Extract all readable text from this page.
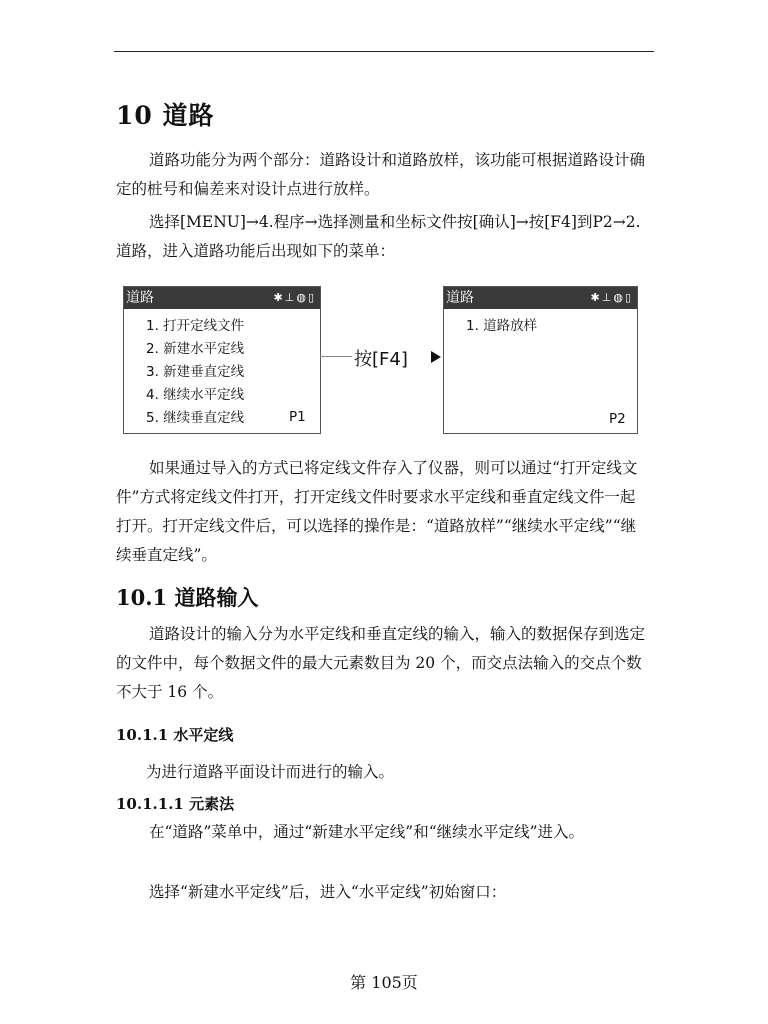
10 道路

道路功能分为两个部分：道路设计和道路放样，该功能可根据道路设计确定的桩号和偏差来对设计点进行放样。

选择[MENU]→4.程序→选择测量和坐标文件按[确认]→按[F4]到P2→2.道路，进入道路功能后出现如下的菜单：

道路	✱⊥◍▯
1. 打开定线文件
2. 新建水平定线
3. 新建垂直定线
4. 继续水平定线
5. 继续垂直定线	P1
按[F4]
道路	✱⊥◍▯
1. 道路放样
P2

如果通过导入的方式已将定线文件存入了仪器，则可以通过“打开定线文件”方式将定线文件打开，打开定线文件时要求水平定线和垂直定线文件一起打开。打开定线文件后，可以选择的操作是：“道路放样”“继续水平定线”“继续垂直定线”。

10.1 道路输入

道路设计的输入分为水平定线和垂直定线的输入，输入的数据保存到选定的文件中，每个数据文件的最大元素数目为 20 个，而交点法输入的交点个数不大于 16 个。

10.1.1 水平定线

为进行道路平面设计而进行的输入。

10.1.1.1 元素法

在“道路”菜单中，通过“新建水平定线”和“继续水平定线”进入。

选择“新建水平定线”后，进入“水平定线”初始窗口：

第 105页
